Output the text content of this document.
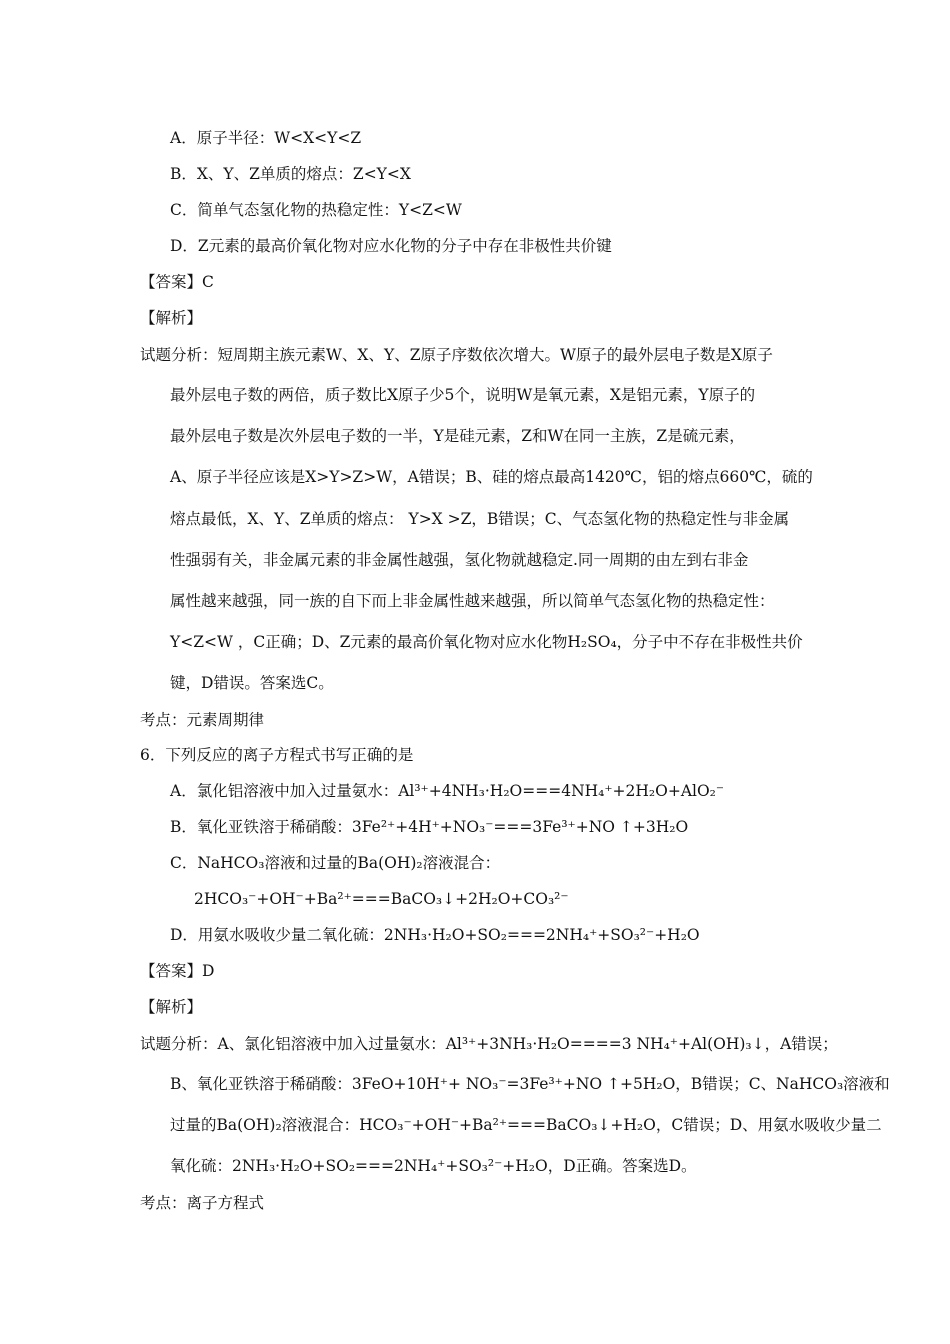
A．原子半径：W<X<Y<Z
B．X、Y、Z单质的熔点：Z<Y<X
C．简单气态氢化物的热稳定性：Y<Z<W
D．Z元素的最高价氧化物对应水化物的分子中存在非极性共价键
【答案】C
【解析】
试题分析：短周期主族元素W、X、Y、Z原子序数依次增大。W原子的最外层电子数是X原子
最外层电子数的两倍，质子数比X原子少5个，说明W是氧元素，X是铝元素，Y原子的
最外层电子数是次外层电子数的一半，Y是硅元素，Z和W在同一主族，Z是硫元素，
A、原子半径应该是X>Y>Z>W，A错误；B、硅的熔点最高1420℃，铝的熔点660℃，硫的
熔点最低，X、Y、Z单质的熔点： Y>X >Z，B错误；C、气态氢化物的热稳定性与非金属
性强弱有关，非金属元素的非金属性越强，氢化物就越稳定.同一周期的由左到右非金
属性越来越强，同一族的自下而上非金属性越来越强，所以简单气态氢化物的热稳定性：
Y<Z<W ，C正确；D、Z元素的最高价氧化物对应水化物H₂SO₄，分子中不存在非极性共价
键，D错误。答案选C。
考点：元素周期律
6．下列反应的离子方程式书写正确的是
A．氯化铝溶液中加入过量氨水：Al³⁺+4NH₃·H₂O===4NH₄⁺+2H₂O+AlO₂⁻
B．氧化亚铁溶于稀硝酸：3Fe²⁺+4H⁺+NO₃⁻===3Fe³⁺+NO ↑+3H₂O
C．NaHCO₃溶液和过量的Ba(OH)₂溶液混合：
2HCO₃⁻+OH⁻+Ba²⁺===BaCO₃↓+2H₂O+CO₃²⁻
D．用氨水吸收少量二氧化硫：2NH₃·H₂O+SO₂===2NH₄⁺+SO₃²⁻+H₂O
【答案】D
【解析】
试题分析：A、氯化铝溶液中加入过量氨水：Al³⁺+3NH₃·H₂O====3 NH₄⁺+Al(OH)₃↓，A错误；
B、氧化亚铁溶于稀硝酸：3FeO+10H⁺+ NO₃⁻=3Fe³⁺+NO ↑+5H₂O，B错误；C、NaHCO₃溶液和
过量的Ba(OH)₂溶液混合：HCO₃⁻+OH⁻+Ba²⁺===BaCO₃↓+H₂O，C错误；D、用氨水吸收少量二
氧化硫：2NH₃·H₂O+SO₂===2NH₄⁺+SO₃²⁻+H₂O，D正确。答案选D。
考点：离子方程式
